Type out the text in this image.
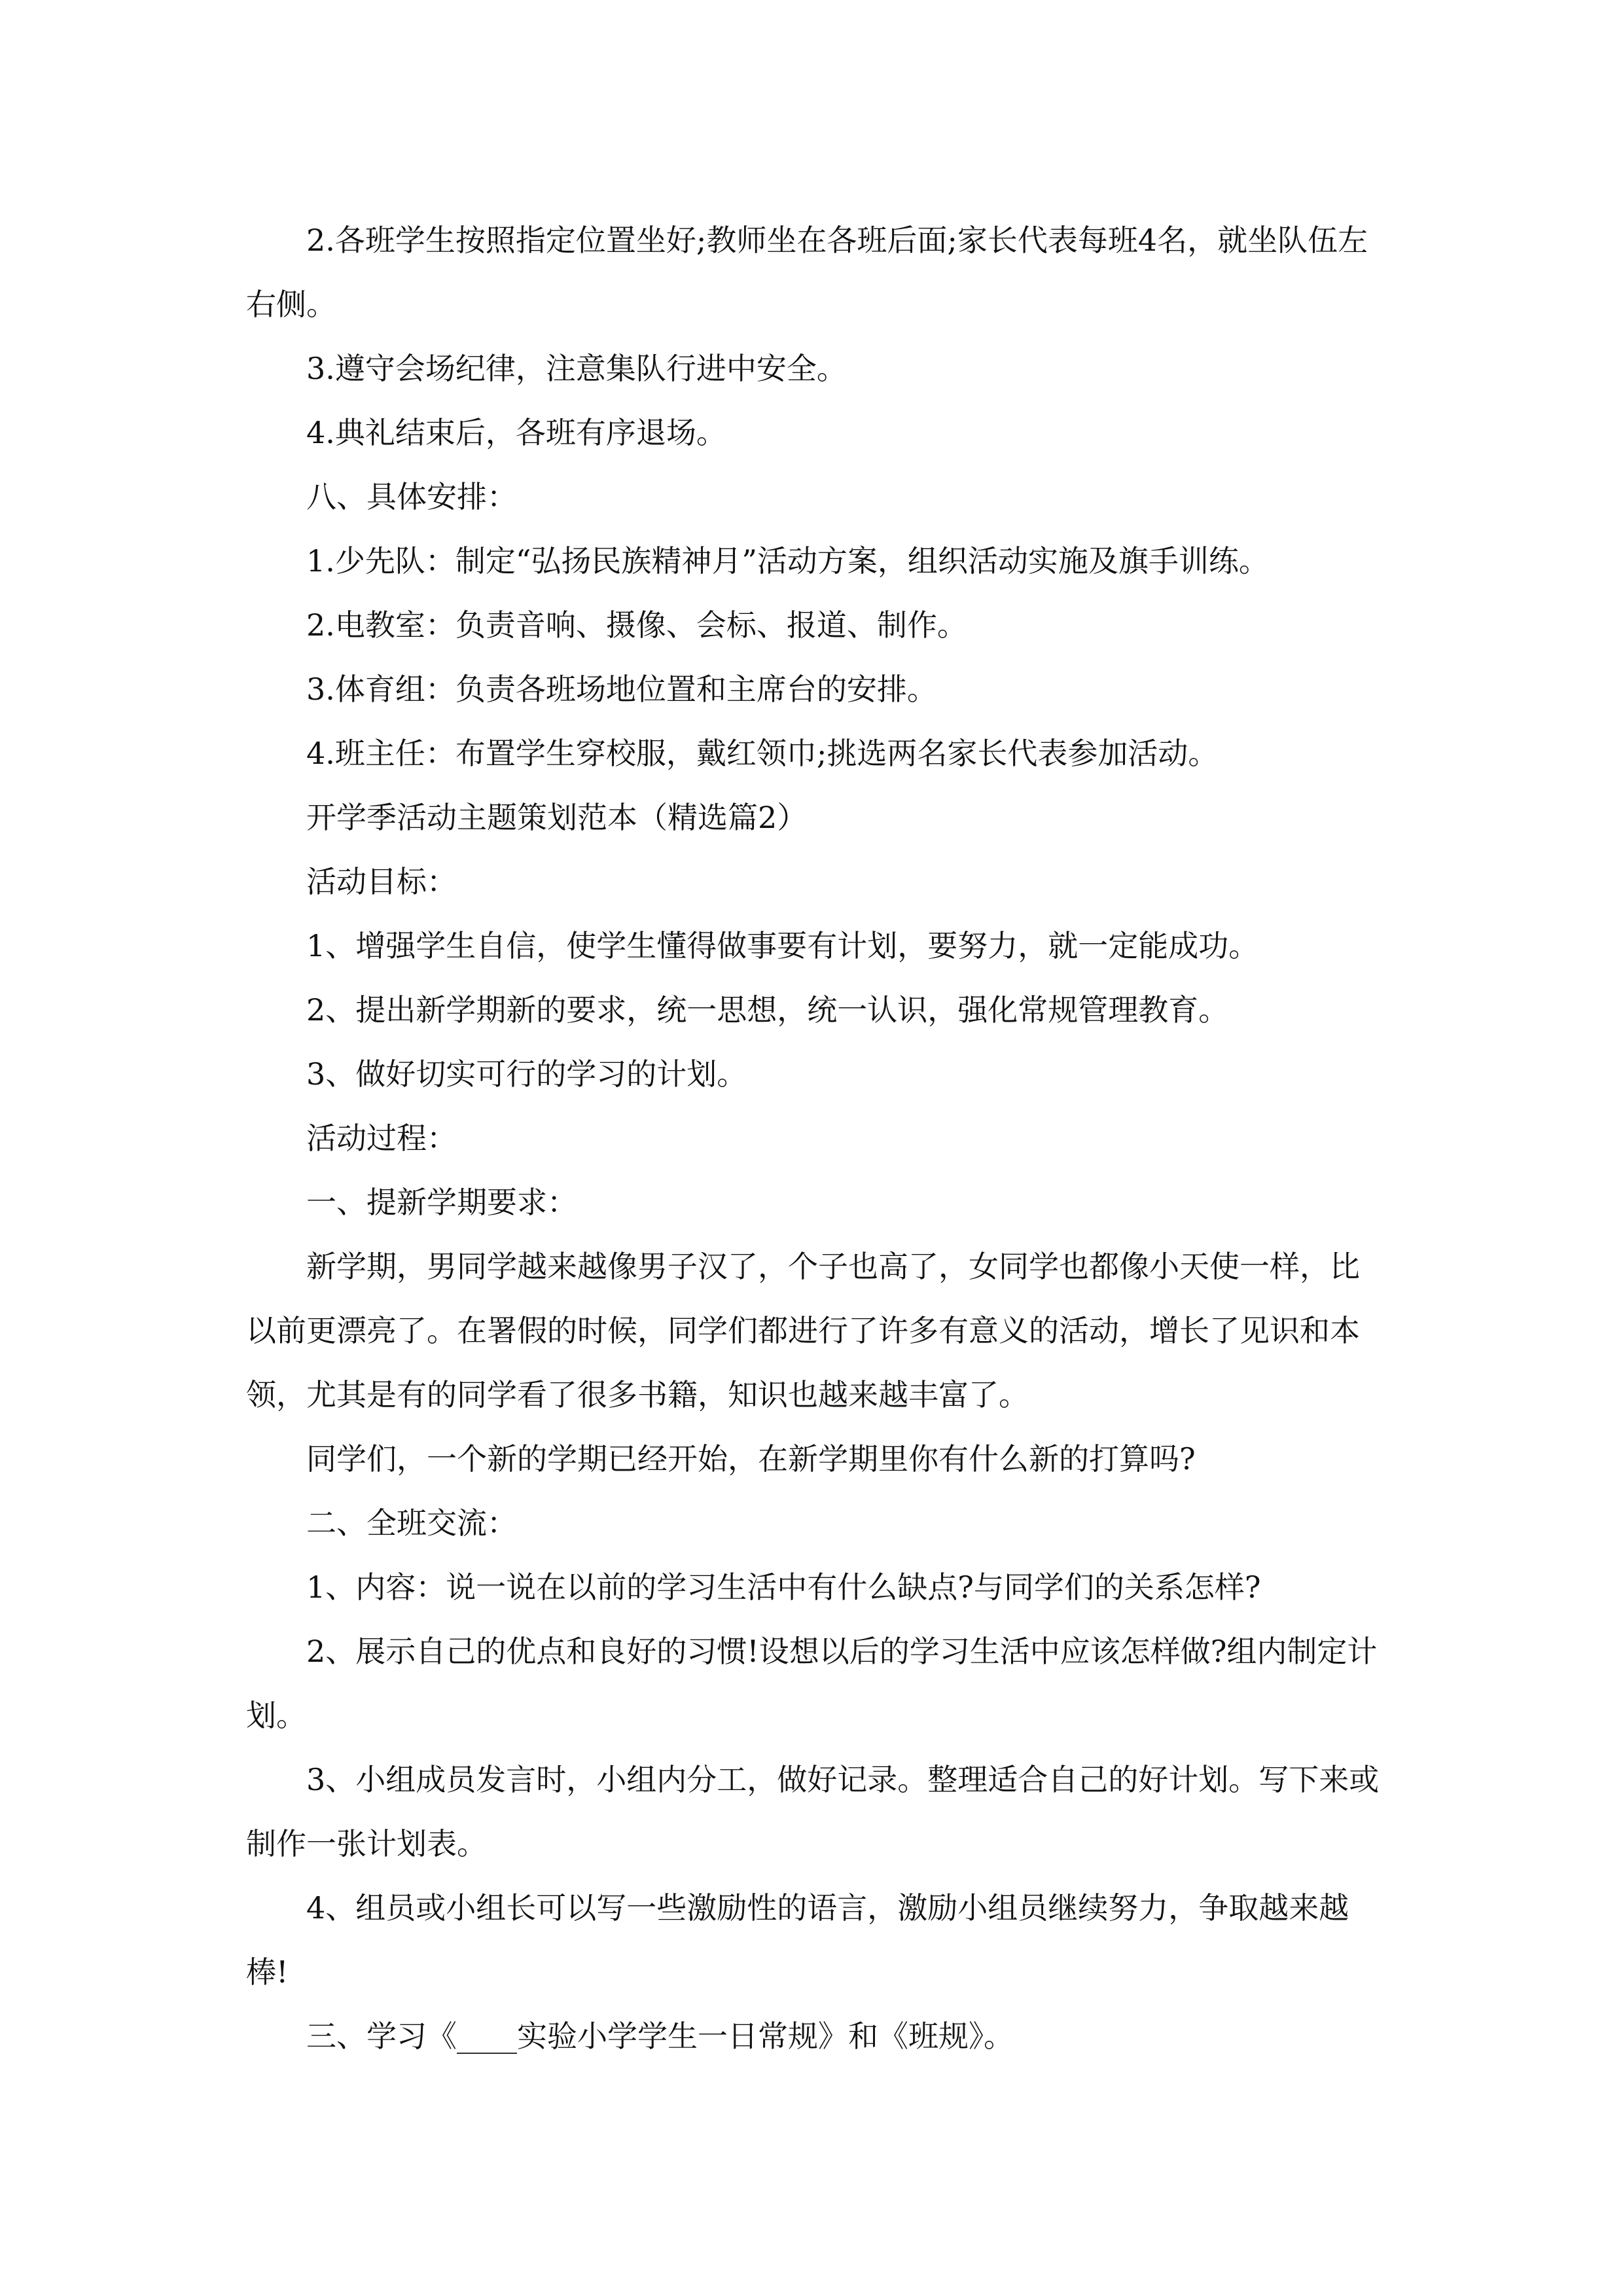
2.各班学生按照指定位置坐好;教师坐在各班后面;家长代表每班4名，就坐队伍左右侧。

3.遵守会场纪律，注意集队行进中安全。

4.典礼结束后，各班有序退场。

八、具体安排：

1.少先队：制定“弘扬民族精神月”活动方案，组织活动实施及旗手训练。

2.电教室：负责音响、摄像、会标、报道、制作。

3.体育组：负责各班场地位置和主席台的安排。

4.班主任：布置学生穿校服，戴红领巾;挑选两名家长代表参加活动。

开学季活动主题策划范本（精选篇2）

活动目标：

1、增强学生自信，使学生懂得做事要有计划，要努力，就一定能成功。

2、提出新学期新的要求，统一思想，统一认识，强化常规管理教育。

3、做好切实可行的学习的计划。

活动过程：

一、提新学期要求：

新学期，男同学越来越像男子汉了，个子也高了，女同学也都像小天使一样，比以前更漂亮了。在署假的时候，同学们都进行了许多有意义的活动，增长了见识和本领，尤其是有的同学看了很多书籍，知识也越来越丰富了。

同学们，一个新的学期已经开始，在新学期里你有什么新的打算吗?

二、全班交流：

1、内容：说一说在以前的学习生活中有什么缺点?与同学们的关系怎样?

2、展示自己的优点和良好的习惯!设想以后的学习生活中应该怎样做?组内制定计划。

3、小组成员发言时，小组内分工，做好记录。整理适合自己的好计划。写下来或制作一张计划表。

4、组员或小组长可以写一些激励性的语言，激励小组员继续努力，争取越来越棒!

三、学习《____实验小学学生一日常规》和《班规》。
